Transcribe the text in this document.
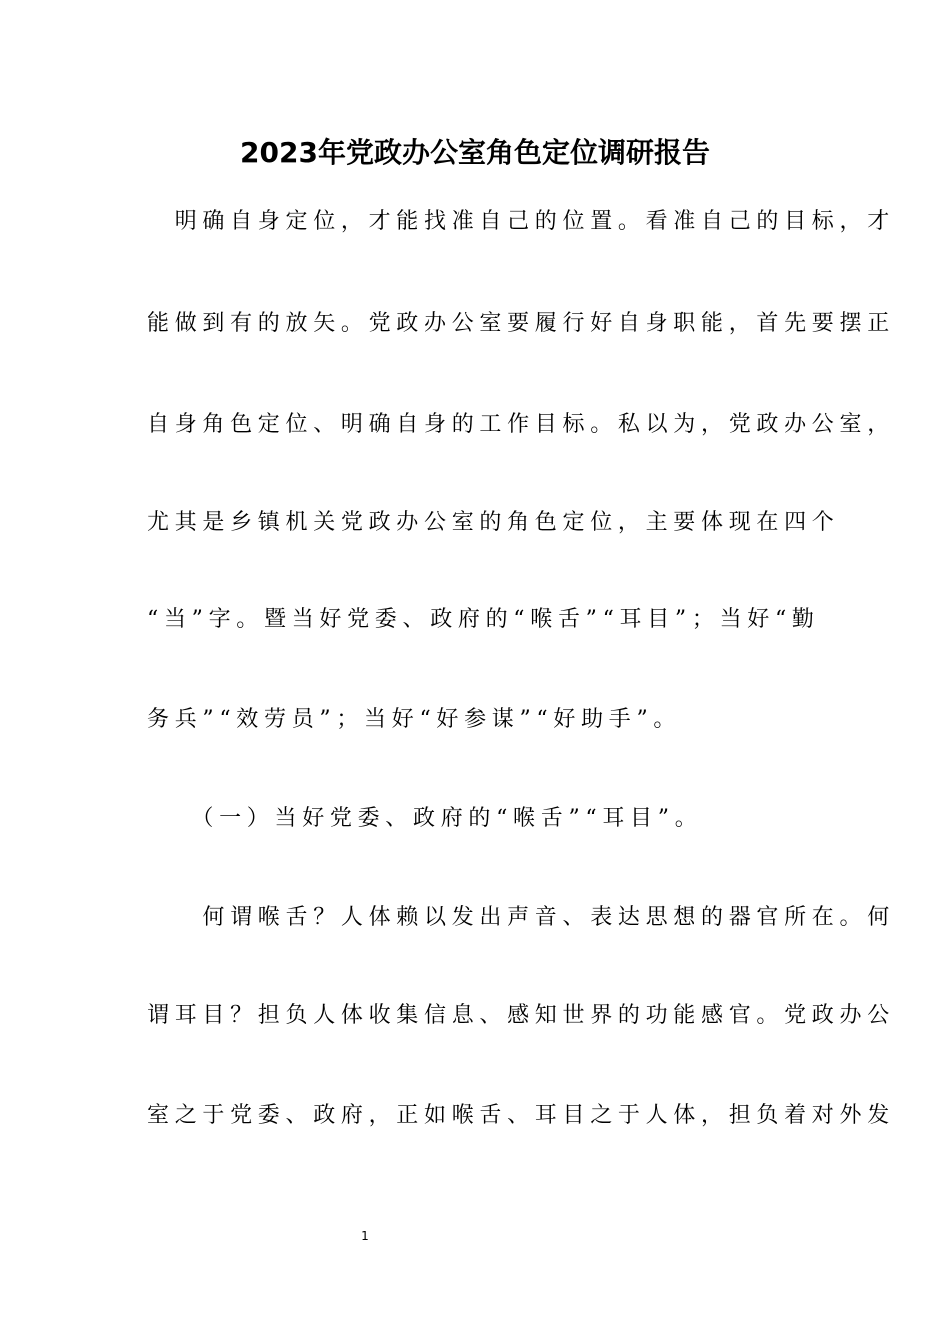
2023年党政办公室角色定位调研报告
　明确自身定位，才能找准自己的位置。看准自己的目标，才
能做到有的放矢。党政办公室要履行好自身职能，首先要摆正
自身角色定位、明确自身的工作目标。私以为，党政办公室，
尤其是乡镇机关党政办公室的角色定位，主要体现在四个
“当”字。暨当好党委、政府的“喉舌”“耳目”；当好“勤
务兵”“效劳员”；当好“好参谋”“好助手”。
　　（一）当好党委、政府的“喉舌”“耳目”。
　　何谓喉舌？人体赖以发出声音、表达思想的器官所在。何
谓耳目？担负人体收集信息、感知世界的功能感官。党政办公
室之于党委、政府，正如喉舌、耳目之于人体，担负着对外发
1
